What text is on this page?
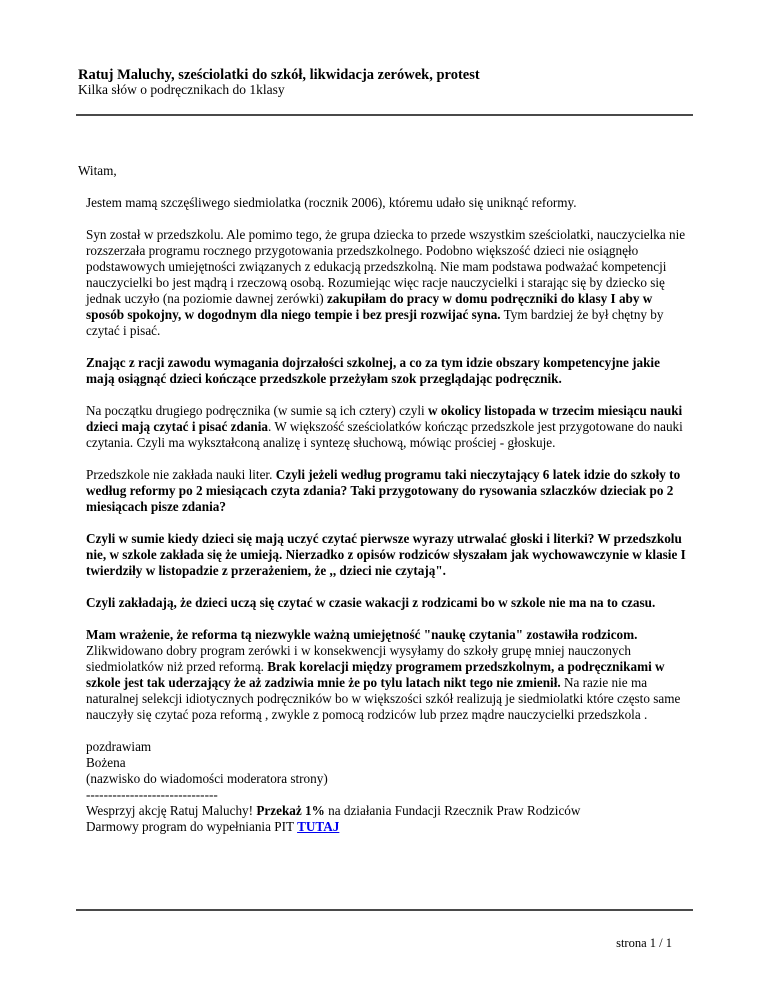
Ratuj Maluchy, sześciolatki do szkół, likwidacja zerówek, protest
Kilka słów o podręcznikach do 1klasy

Witam,

Jestem mamą szczęśliwego siedmiolatka (rocznik 2006), któremu udało się uniknąć reformy.

Syn został w przedszkolu. Ale pomimo tego, że grupa dziecka to przede wszystkim sześciolatki, nauczycielka nie rozszerzała programu rocznego przygotowania przedszkolnego. Podobno większość dzieci nie osiągnęło podstawowych umiejętności związanych z edukacją przedszkolną. Nie mam podstawa podważać kompetencji nauczycielki bo jest mądrą i rzeczową osobą. Rozumiejąc więc racje nauczycielki i starając się by dziecko się jednak uczyło (na poziomie dawnej zerówki) zakupiłam do pracy w domu podręczniki do klasy I aby w sposób spokojny, w dogodnym dla niego tempie i bez presji rozwijać syna. Tym bardziej że był chętny by czytać i pisać.

Znając z racji zawodu wymagania dojrzałości szkolnej, a co za tym idzie obszary kompetencyjne jakie mają osiągnąć dzieci kończące przedszkole przeżyłam szok przeglądając podręcznik.

Na początku drugiego podręcznika (w sumie są ich cztery) czyli w okolicy listopada w trzecim miesiącu nauki dzieci mają czytać i pisać zdania. W większość sześciolatków kończąc przedszkole jest przygotowane do nauki czytania. Czyli ma wykształconą analizę i syntezę słuchową, mówiąc prościej - głoskuje.

Przedszkole nie zakłada nauki liter. Czyli jeżeli według programu taki nieczytający 6 latek idzie do szkoły to według reformy po 2 miesiącach czyta zdania? Taki przygotowany do rysowania szlaczków dzieciak po 2 miesiącach pisze zdania?

Czyli w sumie kiedy dzieci się mają uczyć czytać pierwsze wyrazy utrwalać głoski i literki? W przedszkolu nie, w szkole zakłada się że umieją. Nierzadko z opisów rodziców słyszałam jak wychowawczynie w klasie I twierdziły w listopadzie z przerażeniem, że ,, dzieci nie czytają".

Czyli zakładają, że dzieci uczą się czytać w czasie wakacji z rodzicami bo w szkole nie ma na to czasu.

Mam wrażenie, że reforma tą niezwykle ważną umiejętność "naukę czytania" zostawiła rodzicom. Zlikwidowano dobry program zerówki i w konsekwencji wysyłamy do szkoły grupę mniej nauczonych siedmiolatków niż przed reformą. Brak korelacji między programem przedszkolnym, a podręcznikami w szkole jest tak uderzający że aż zadziwia mnie że po tylu latach nikt tego nie zmienił. Na razie nie ma naturalnej selekcji idiotycznych podręczników bo w większości szkół realizują je siedmiolatki które często same nauczyły się czytać poza reformą , zwykle z pomocą rodziców lub przez mądre nauczycielki przedszkola .

pozdrawiam
Bożena
(nazwisko do wiadomości moderatora strony)
------------------------------
Wesprzyj akcję Ratuj Maluchy! Przekaż 1% na działania Fundacji Rzecznik Praw Rodziców
Darmowy program do wypełniania PIT TUTAJ
strona 1 / 1
